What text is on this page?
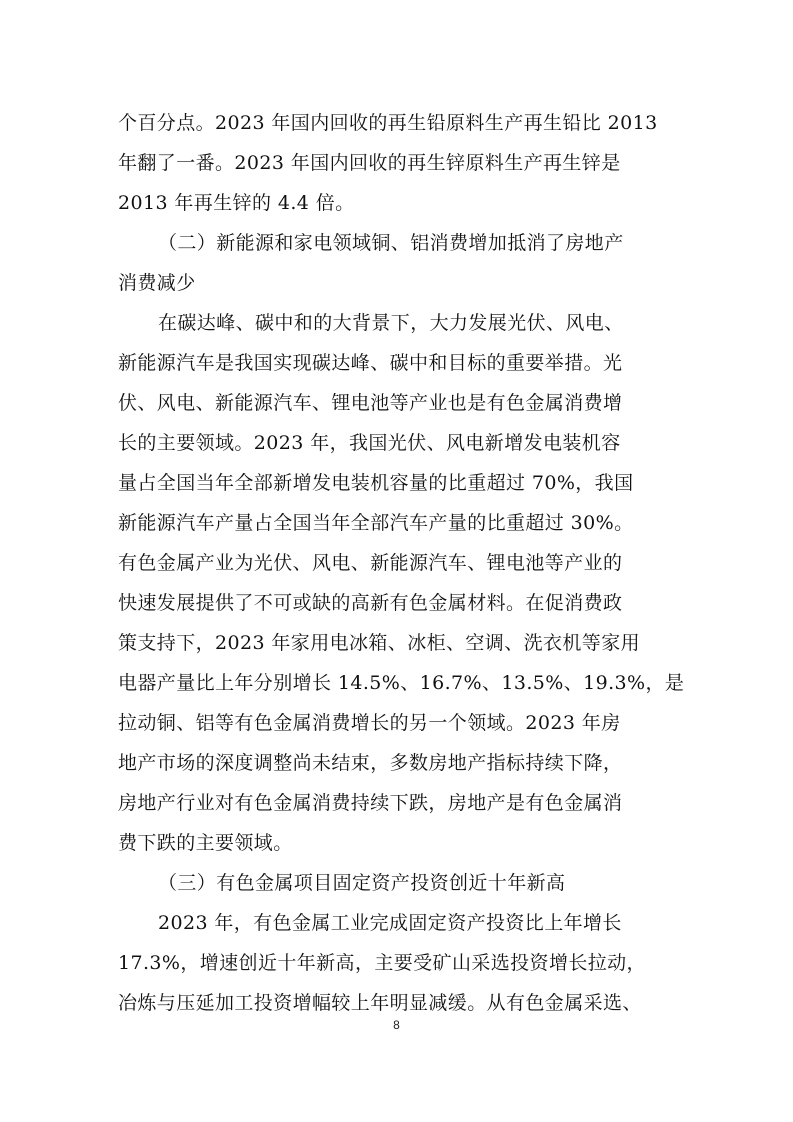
个百分点。2023 年国内回收的再生铅原料生产再生铅比 2013
年翻了一番。2023 年国内回收的再生锌原料生产再生锌是
2013 年再生锌的 4.4 倍。
（二）新能源和家电领域铜、铝消费增加抵消了房地产
消费减少
在碳达峰、碳中和的大背景下，大力发展光伏、风电、
新能源汽车是我国实现碳达峰、碳中和目标的重要举措。光
伏、风电、新能源汽车、锂电池等产业也是有色金属消费增
长的主要领域。2023 年，我国光伏、风电新增发电装机容
量占全国当年全部新增发电装机容量的比重超过 70%，我国
新能源汽车产量占全国当年全部汽车产量的比重超过 30%。
有色金属产业为光伏、风电、新能源汽车、锂电池等产业的
快速发展提供了不可或缺的高新有色金属材料。在促消费政
策支持下，2023 年家用电冰箱、冰柜、空调、洗衣机等家用
电器产量比上年分别增长 14.5%、16.7%、13.5%、19.3%，是
拉动铜、铝等有色金属消费增长的另一个领域。2023 年房
地产市场的深度调整尚未结束，多数房地产指标持续下降，
房地产行业对有色金属消费持续下跌，房地产是有色金属消
费下跌的主要领域。
（三）有色金属项目固定资产投资创近十年新高
2023 年，有色金属工业完成固定资产投资比上年增长
17.3%，增速创近十年新高，主要受矿山采选投资增长拉动，
冶炼与压延加工投资增幅较上年明显减缓。从有色金属采选、
8
